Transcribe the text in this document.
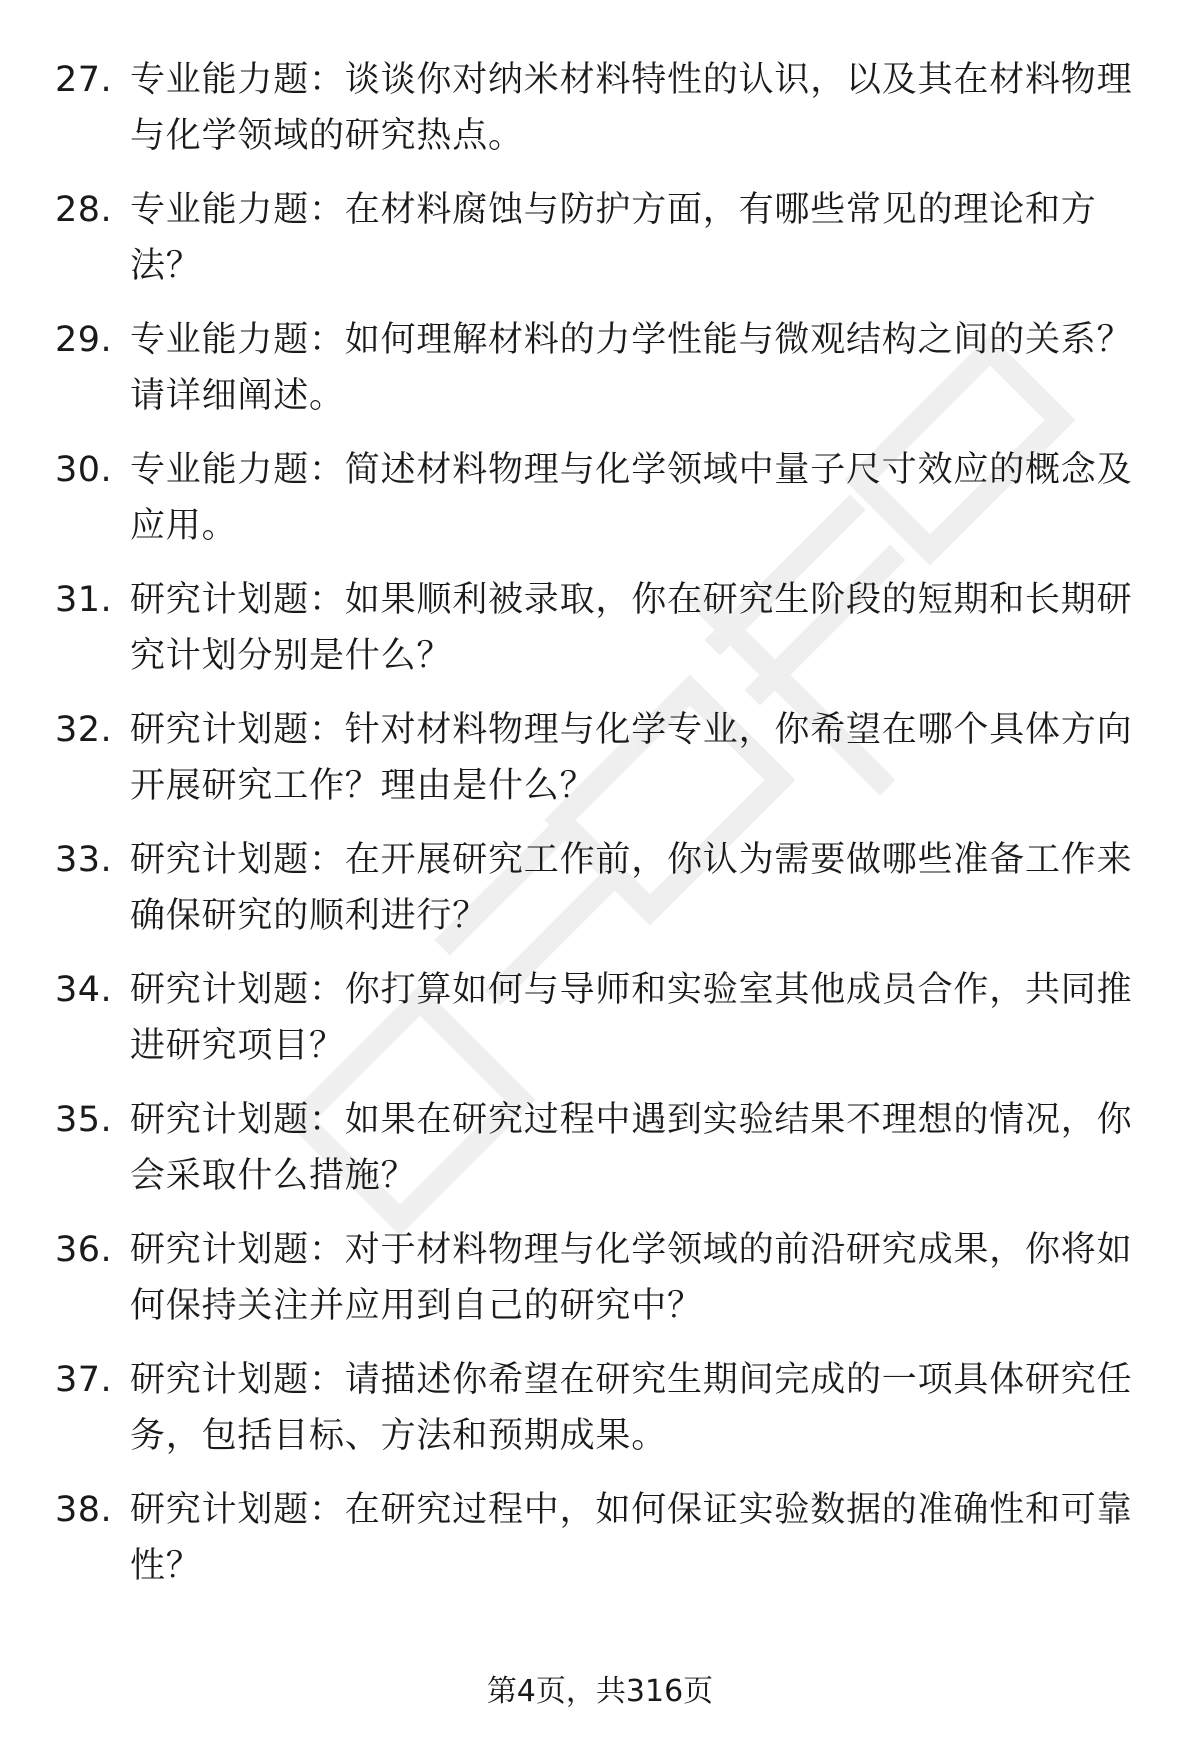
27. 专业能力题：谈谈你对纳米材料特性的认识，以及其在材料物理与化学领域的研究热点。
28. 专业能力题：在材料腐蚀与防护方面，有哪些常见的理论和方法？
29. 专业能力题：如何理解材料的力学性能与微观结构之间的关系？请详细阐述。
30. 专业能力题：简述材料物理与化学领域中量子尺寸效应的概念及应用。
31. 研究计划题：如果顺利被录取，你在研究生阶段的短期和长期研究计划分别是什么？
32. 研究计划题：针对材料物理与化学专业，你希望在哪个具体方向开展研究工作？理由是什么？
33. 研究计划题：在开展研究工作前，你认为需要做哪些准备工作来确保研究的顺利进行？
34. 研究计划题：你打算如何与导师和实验室其他成员合作，共同推进研究项目？
35. 研究计划题：如果在研究过程中遇到实验结果不理想的情况，你会采取什么措施？
36. 研究计划题：对于材料物理与化学领域的前沿研究成果，你将如何保持关注并应用到自己的研究中？
37. 研究计划题：请描述你希望在研究生期间完成的一项具体研究任务，包括目标、方法和预期成果。
38. 研究计划题：在研究过程中，如何保证实验数据的准确性和可靠性？
第4页，共316页
